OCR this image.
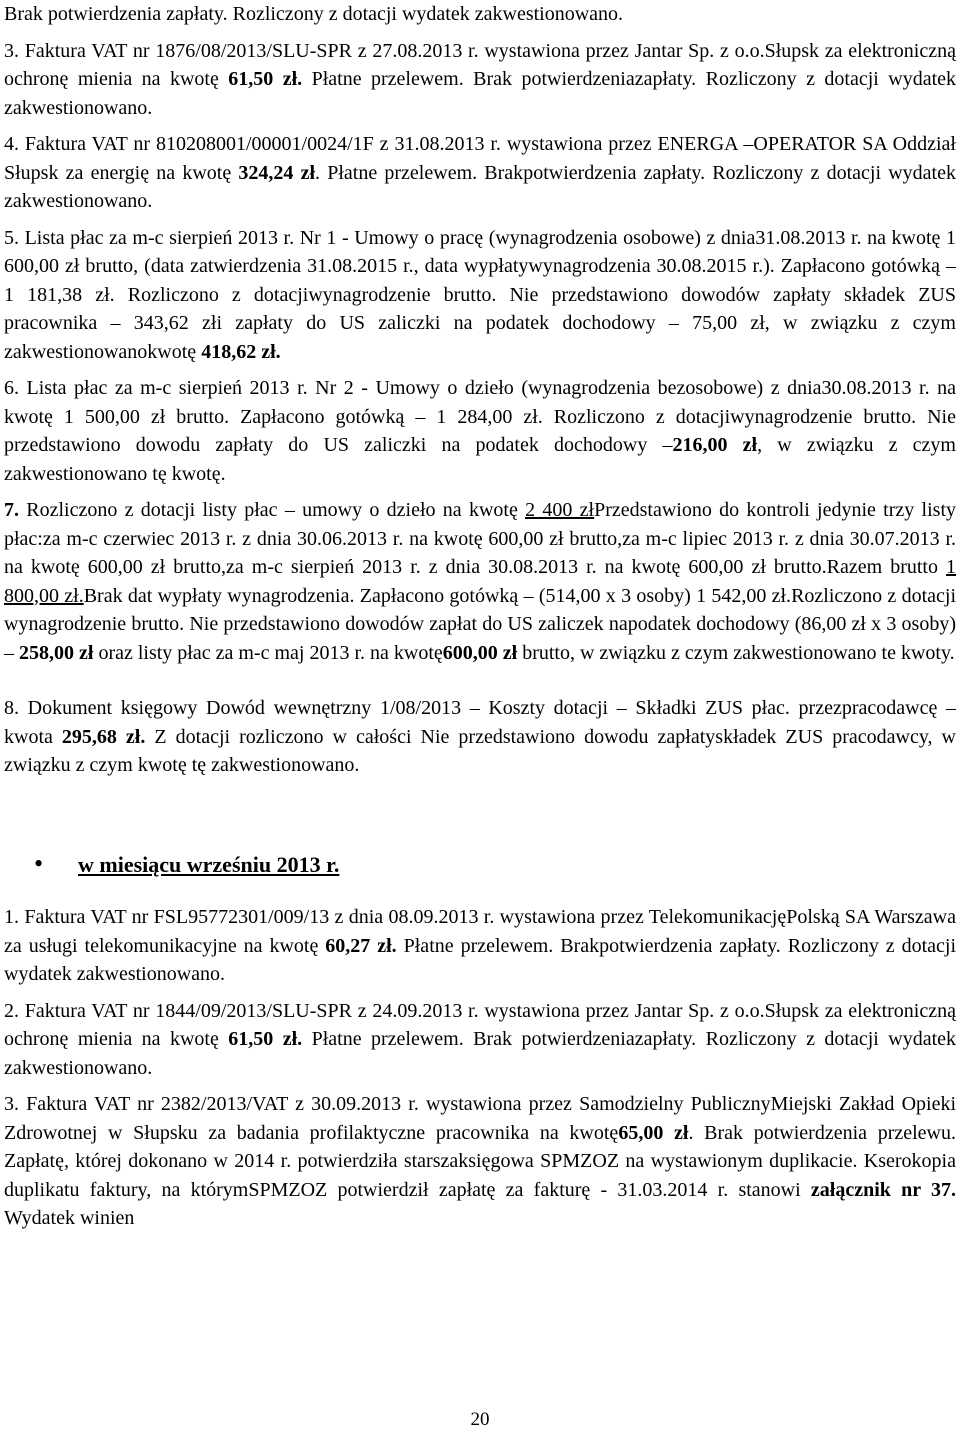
Brak potwierdzenia zapłaty. Rozliczony z dotacji wydatek zakwestionowano.

3. Faktura VAT nr 1876/08/2013/SLU-SPR z 27.08.2013 r. wystawiona przez Jantar Sp. z o.o.Słupsk za elektroniczną ochronę mienia na kwotę 61,50 zł. Płatne przelewem. Brak potwierdzeniazapłaty. Rozliczony z dotacji wydatek zakwestionowano.

4. Faktura VAT nr 810208001/00001/0024/1F z 31.08.2013 r. wystawiona przez ENERGA –OPERATOR SA Oddział Słupsk za energię na kwotę 324,24 zł. Płatne przelewem. Brakpotwierdzenia zapłaty. Rozliczony z dotacji wydatek zakwestionowano.

5. Lista płac za m-c sierpień 2013 r. Nr 1 - Umowy o pracę (wynagrodzenia osobowe) z dnia31.08.2013 r. na kwotę 1 600,00 zł brutto, (data zatwierdzenia 31.08.2015 r., data wypłatywynagrodzenia 30.08.2015 r.). Zapłacono gotówką – 1 181,38 zł. Rozliczono z dotacjiwynagrodzenie brutto. Nie przedstawiono dowodów zapłaty składek ZUS pracownika – 343,62 złi zapłaty do US zaliczki na podatek dochodowy – 75,00 zł, w związku z czym zakwestionowanokwotę 418,62 zł.

6. Lista płac za m-c sierpień 2013 r. Nr 2 - Umowy o dzieło (wynagrodzenia bezosobowe) z dnia30.08.2013 r. na kwotę 1 500,00 zł brutto. Zapłacono gotówką – 1 284,00 zł. Rozliczono z dotacjiwynagrodzenie brutto. Nie przedstawiono dowodu zapłaty do US zaliczki na podatek dochodowy –216,00 zł, w związku z czym zakwestionowano tę kwotę.

7. Rozliczono z dotacji listy płac – umowy o dzieło na kwotę 2 400 złPrzedstawiono do kontroli jedynie trzy listy płac:za m-c czerwiec 2013 r. z dnia 30.06.2013 r. na kwotę 600,00 zł brutto,za m-c lipiec 2013 r. z dnia 30.07.2013 r. na kwotę 600,00 zł brutto,za m-c sierpień 2013 r. z dnia 30.08.2013 r. na kwotę 600,00 zł brutto.Razem brutto 1 800,00 zł.Brak dat wypłaty wynagrodzenia. Zapłacono gotówką – (514,00 x 3 osoby) 1 542,00 zł.Rozliczono z dotacji wynagrodzenie brutto. Nie przedstawiono dowodów zapłat do US zaliczek napodatek dochodowy (86,00 zł x 3 osoby) – 258,00 zł oraz listy płac za m-c maj 2013 r. na kwotę600,00 zł brutto, w związku z czym zakwestionowano te kwoty.

8. Dokument księgowy Dowód wewnętrzny 1/08/2013 – Koszty dotacji – Składki ZUS płac. przezpracodawcę – kwota 295,68 zł. Z dotacji rozliczono w całości Nie przedstawiono dowodu zapłatyskładek ZUS pracodawcy, w związku z czym kwotę tę zakwestionowano.

•	w miesiącu wrześniu 2013 r.

1. Faktura VAT nr FSL95772301/009/13 z dnia 08.09.2013 r. wystawiona przez TelekomunikacjęPolską SA Warszawa za usługi telekomunikacyjne na kwotę 60,27 zł. Płatne przelewem. Brakpotwierdzenia zapłaty. Rozliczony z dotacji wydatek zakwestionowano.

2. Faktura VAT nr 1844/09/2013/SLU-SPR z 24.09.2013 r. wystawiona przez Jantar Sp. z o.o.Słupsk za elektroniczną ochronę mienia na kwotę 61,50 zł. Płatne przelewem. Brak potwierdzeniazapłaty. Rozliczony z dotacji wydatek zakwestionowano.

3. Faktura VAT nr 2382/2013/VAT z 30.09.2013 r. wystawiona przez Samodzielny PublicznyMiejski Zakład Opieki Zdrowotnej w Słupsku za badania profilaktyczne pracownika na kwotę65,00 zł. Brak potwierdzenia przelewu. Zapłatę, której dokonano w 2014 r. potwierdziła starszaksięgowa SPMZOZ na wystawionym duplikacie. Kserokopia duplikatu faktury, na którymSPMZOZ potwierdził zapłatę za fakturę - 31.03.2014 r. stanowi załącznik nr 37. Wydatek winien

20
